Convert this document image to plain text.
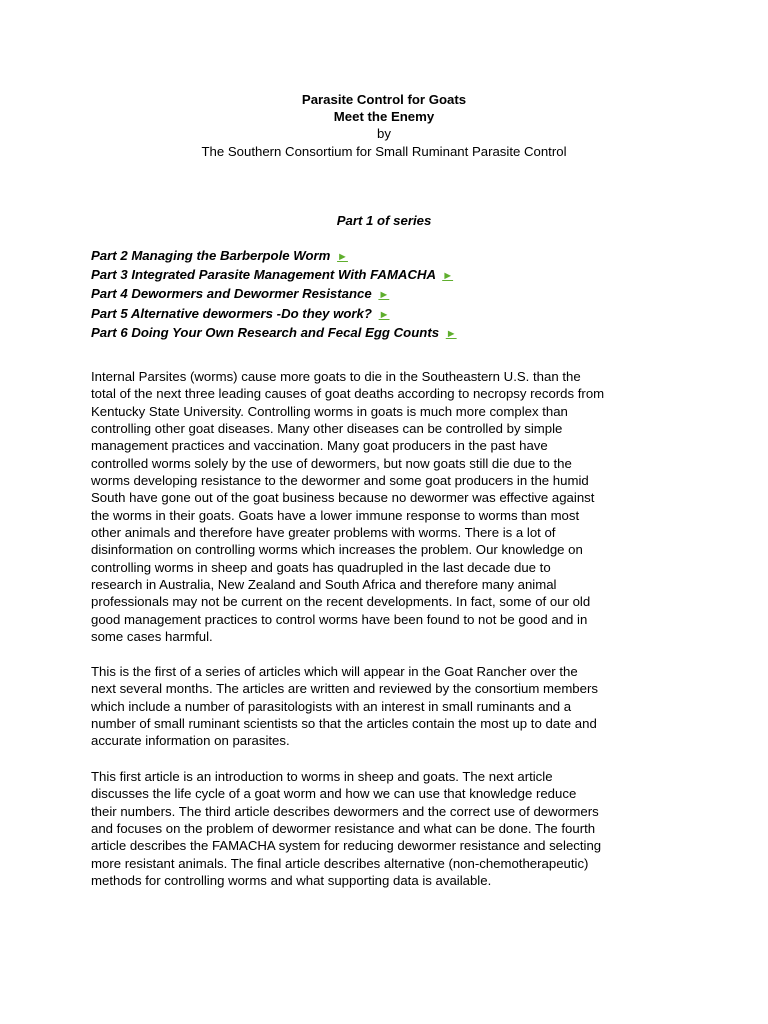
Parasite Control for Goats
Meet the Enemy
by
The Southern Consortium for Small Ruminant Parasite Control
Part 1 of series
Part 2 Managing the Barberpole Worm ►
Part 3 Integrated Parasite Management With FAMACHA ►
Part 4 Dewormers and Dewormer Resistance ►
Part 5 Alternative dewormers -Do they work? ►
Part 6 Doing Your Own Research and Fecal Egg Counts ►

Internal Parsites (worms) cause more goats to die in the Southeastern U.S. than the
total of the next three leading causes of goat deaths according to necropsy records from
Kentucky State University. Controlling worms in goats is much more complex than
controlling other goat diseases. Many other diseases can be controlled by simple
management practices and vaccination. Many goat producers in the past have
controlled worms solely by the use of dewormers, but now goats still die due to the
worms developing resistance to the dewormer and some goat producers in the humid
South have gone out of the goat business because no dewormer was effective against
the worms in their goats. Goats have a lower immune response to worms than most
other animals and therefore have greater problems with worms. There is a lot of
disinformation on controlling worms which increases the problem. Our knowledge on
controlling worms in sheep and goats has quadrupled in the last decade due to
research in Australia, New Zealand and South Africa and therefore many animal
professionals may not be current on the recent developments. In fact, some of our old
good management practices to control worms have been found to not be good and in
some cases harmful.

This is the first of a series of articles which will appear in the Goat Rancher over the
next several months. The articles are written and reviewed by the consortium members
which include a number of parasitologists with an interest in small ruminants and a
number of small ruminant scientists so that the articles contain the most up to date and
accurate information on parasites.

This first article is an introduction to worms in sheep and goats. The next article
discusses the life cycle of a goat worm and how we can use that knowledge reduce
their numbers. The third article describes dewormers and the correct use of dewormers
and focuses on the problem of dewormer resistance and what can be done. The fourth
article describes the FAMACHA system for reducing dewormer resistance and selecting
more resistant animals. The final article describes alternative (non-chemotherapeutic)
methods for controlling worms and what supporting data is available.
